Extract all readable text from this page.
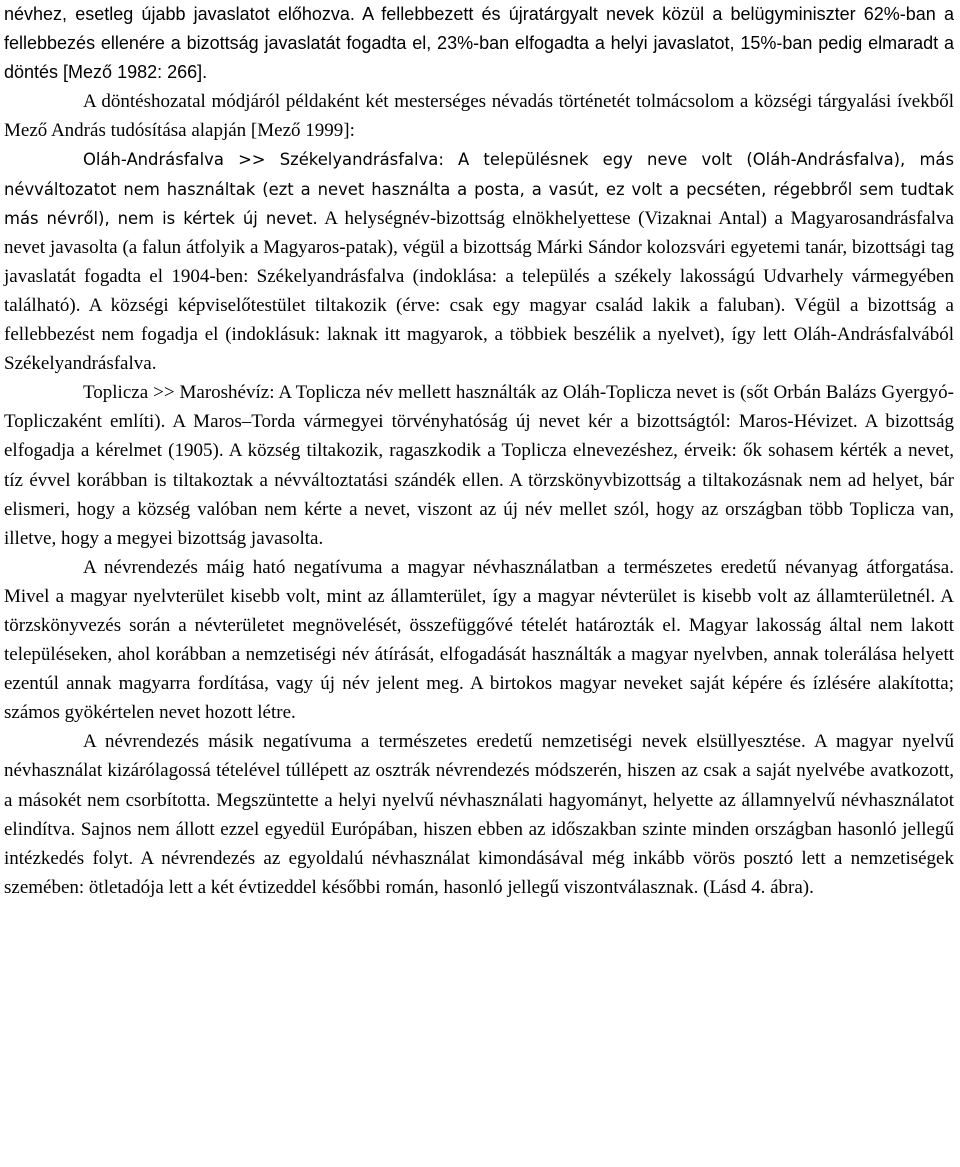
névhez, esetleg újabb javaslatot előhozva. A fellebbezett és újratárgyalt nevek közül a belügyminiszter 62%-ban a fellebbezés ellenére a bizottság javaslatát fogadta el, 23%-ban elfogadta a helyi javaslatot, 15%-ban pedig elmaradt a döntés [Mező 1982: 266].

A döntéshozatal módjáról példaként két mesterséges névadás történetét tolmácsolom a községi tárgyalási ívekből Mező András tudósítása alapján [Mező 1999]:

Oláh-Andrásfalva >> Székelyandrásfalva: A településnek egy neve volt (Oláh-Andrásfalva), más névváltozatot nem használtak (ezt a nevet használta a posta, a vasút, ez volt a pecséten, régebbről sem tudtak más névről), nem is kértek új nevet. A helységnév-bizottság elnökhelyettese (Vizaknai Antal) a Magyarosandrásfalva nevet javasolta (a falun átfolyik a Magyaros-patak), végül a bizottság Márki Sándor kolozsvári egyetemi tanár, bizottsági tag javaslatát fogadta el 1904-ben: Székelyandrásfalva (indoklása: a település a székely lakosságú Udvarhely vármegyében található). A községi képviselőtestület tiltakozik (érve: csak egy magyar család lakik a faluban). Végül a bizottság a fellebbezést nem fogadja el (indoklásuk: laknak itt magyarok, a többiek beszélik a nyelvet), így lett Oláh-Andrásfalvából Székelyandrásfalva.

Toplicza >> Maroshévíz: A Toplicza név mellett használták az Oláh-Toplicza nevet is (sőt Orbán Balázs Gyergyó-Topliczaként említi). A Maros–Torda vármegyei törvényhatóság új nevet kér a bizottságtól: Maros-Hévizet. A bizottság elfogadja a kérelmet (1905). A község tiltakozik, ragaszkodik a Toplicza elnevezéshez, érveik: ők sohasem kérték a nevet, tíz évvel korábban is tiltakoztak a névváltoztatási szándék ellen. A törzskönyvbizottság a tiltakozásnak nem ad helyet, bár elismeri, hogy a község valóban nem kérte a nevet, viszont az új név mellet szól, hogy az országban több Toplicza van, illetve, hogy a megyei bizottság javasolta.

A névrendezés máig ható negatívuma a magyar névhasználatban a természetes eredetű névanyag átforgatása. Mivel a magyar nyelvterület kisebb volt, mint az államterület, így a magyar névterület is kisebb volt az államterületnél. A törzskönyvezés során a névterületet megnövelését, összefüggővé tételét határozták el. Magyar lakosság által nem lakott településeken, ahol korábban a nemzetiségi név átírását, elfogadását használták a magyar nyelvben, annak tolerálása helyett ezentúl annak magyarra fordítása, vagy új név jelent meg. A birtokos magyar neveket saját képére és ízlésére alakította; számos gyökértelen nevet hozott létre.

A névrendezés másik negatívuma a természetes eredetű nemzetiségi nevek elsüllyesztése. A magyar nyelvű névhasználat kizárólagossá tételével túllépett az osztrák névrendezés módszerén, hiszen az csak a saját nyelvébe avatkozott, a másokét nem csorbította. Megszüntette a helyi nyelvű névhasználati hagyományt, helyette az államnyelvű névhasználatot elindítva. Sajnos nem állott ezzel egyedül Európában, hiszen ebben az időszakban szinte minden országban hasonló jellegű intézkedés folyt. A névrendezés az egyoldalú névhasználat kimondásával még inkább vörös posztó lett a nemzetiségek szemében: ötletadója lett a két évtizeddel későbbi román, hasonló jellegű viszontválasznak. (Lásd 4. ábra).
